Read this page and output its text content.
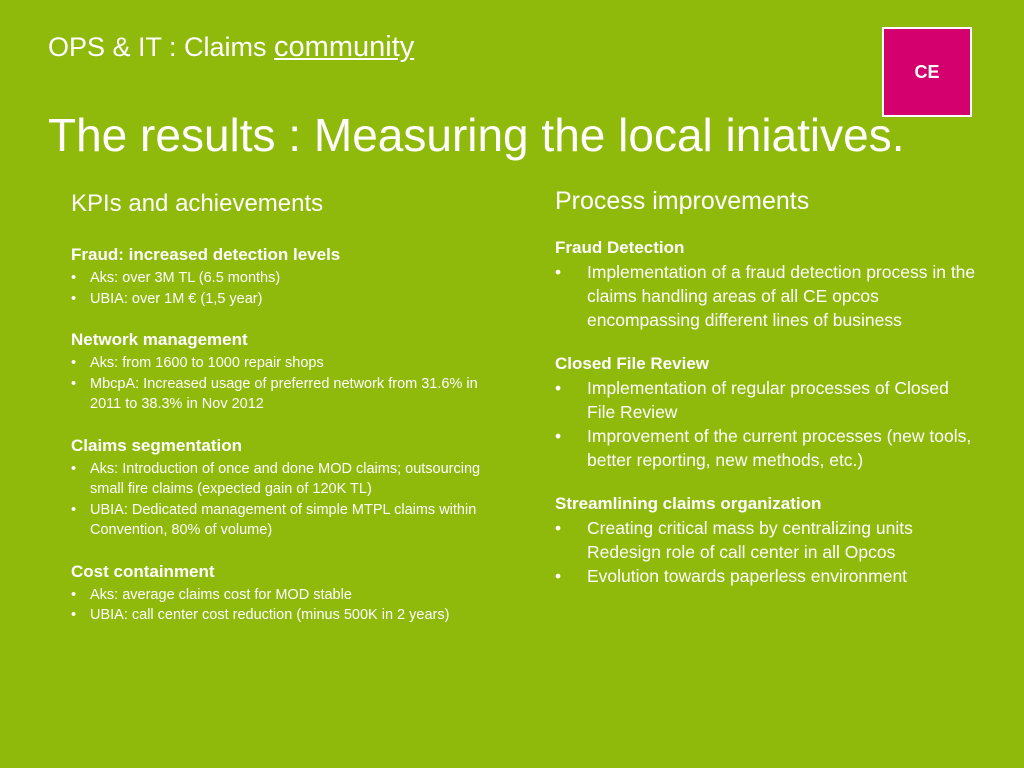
OPS & IT : Claims community
CE
The results : Measuring the local iniatives.
KPIs and achievements
Fraud: increased detection levels
• Aks: over 3M TL (6.5 months)
• UBIA: over 1M € (1,5 year)
Network management
• Aks: from 1600 to 1000 repair shops
• MbcpA: Increased usage of preferred network from 31.6% in 2011 to 38.3% in Nov 2012
Claims segmentation
• Aks: Introduction of once and done MOD claims; outsourcing small fire claims (expected gain of 120K TL)
• UBIA: Dedicated management of simple MTPL claims within Convention, 80% of volume)
Cost containment
• Aks: average claims cost for MOD stable
• UBIA: call center cost reduction (minus 500K in 2 years)
Process improvements
Fraud Detection
• Implementation of a fraud detection process in the claims handling areas of all CE opcos encompassing different lines of business
Closed File Review
• Implementation of regular processes of Closed File Review
• Improvement of the current processes (new tools, better reporting, new methods, etc.)
Streamlining claims organization
• Creating critical mass by centralizing units Redesign role of call center in all Opcos
• Evolution towards paperless environment
